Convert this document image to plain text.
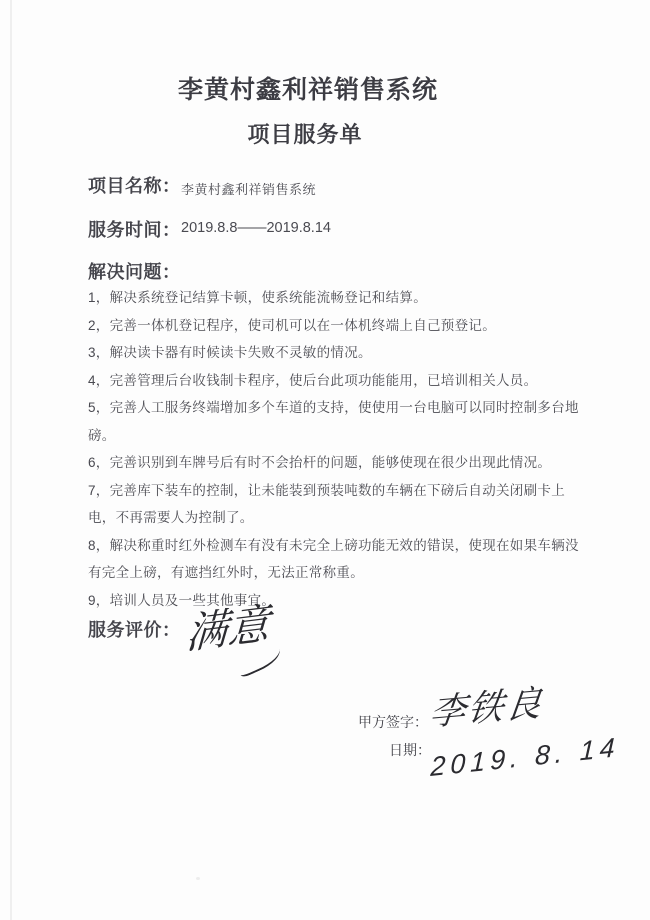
李黄村鑫利祥销售系统
项目服务单
项目名称： 李黄村鑫利祥销售系统
服务时间： 2019.8.8——2019.8.14
解决问题：
1，解决系统登记结算卡顿，使系统能流畅登记和结算。
2，完善一体机登记程序，使司机可以在一体机终端上自己预登记。
3，解决读卡器有时候读卡失败不灵敏的情况。
4，完善管理后台收钱制卡程序，使后台此项功能能用，已培训相关人员。
5，完善人工服务终端增加多个车道的支持，使使用一台电脑可以同时控制多台地磅。
6，完善识别到车牌号后有时不会抬杆的问题，能够使现在很少出现此情况。
7，完善库下装车的控制，让未能装到预装吨数的车辆在下磅后自动关闭刷卡上电，不再需要人为控制了。
8，解决称重时红外检测车有没有未完全上磅功能无效的错误，使现在如果车辆没有完全上磅，有遮挡红外时，无法正常称重。
9，培训人员及一些其他事宜。
服务评价： 满意
甲方签字：
日期：
李铁良
2019. 8. 14
